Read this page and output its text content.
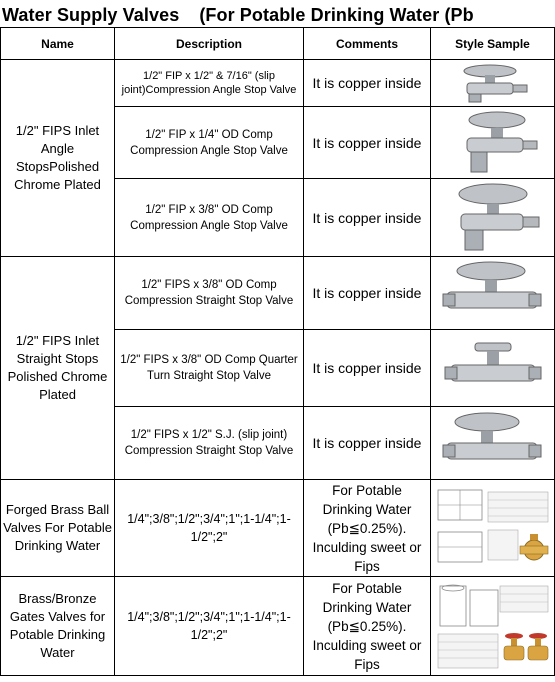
Water Supply Valves (For Potable Drinking Water (Pb
Name	Description	Comments	Style Sample
1/2" FIPS Inlet Angle StopsPolished Chrome Plated	1/2" FIP x 1/2" & 7/16" (slip joint)Compression Angle Stop Valve	It is copper inside	

	1/2" FIP x 1/4" OD Comp Compression Angle Stop Valve	It is copper inside	

	1/2" FIP x 3/8" OD Comp Compression Angle Stop Valve	It is copper inside	

1/2" FIPS Inlet Straight Stops Polished Chrome Plated	1/2" FIPS x 3/8" OD Comp Compression Straight Stop Valve	It is copper inside	

	1/2" FIPS x 3/8" OD Comp Quarter Turn Straight Stop Valve	It is copper inside	

	1/2" FIPS x 1/2" S.J. (slip joint) Compression Straight Stop Valve	It is copper inside	

Forged Brass Ball Valves For Potable Drinking Water	1/4";3/8";1/2";3/4";1";1-1/4";1-1/2";2"	For Potable Drinking Water (Pb≦0.25%). Inculding sweet or Fips	

Brass/Bronze Gates Valves for Potable Drinking Water	1/4";3/8";1/2";3/4";1";1-1/4";1-1/2";2"	For Potable Drinking Water (Pb≦0.25%). Inculding sweet or Fips	
